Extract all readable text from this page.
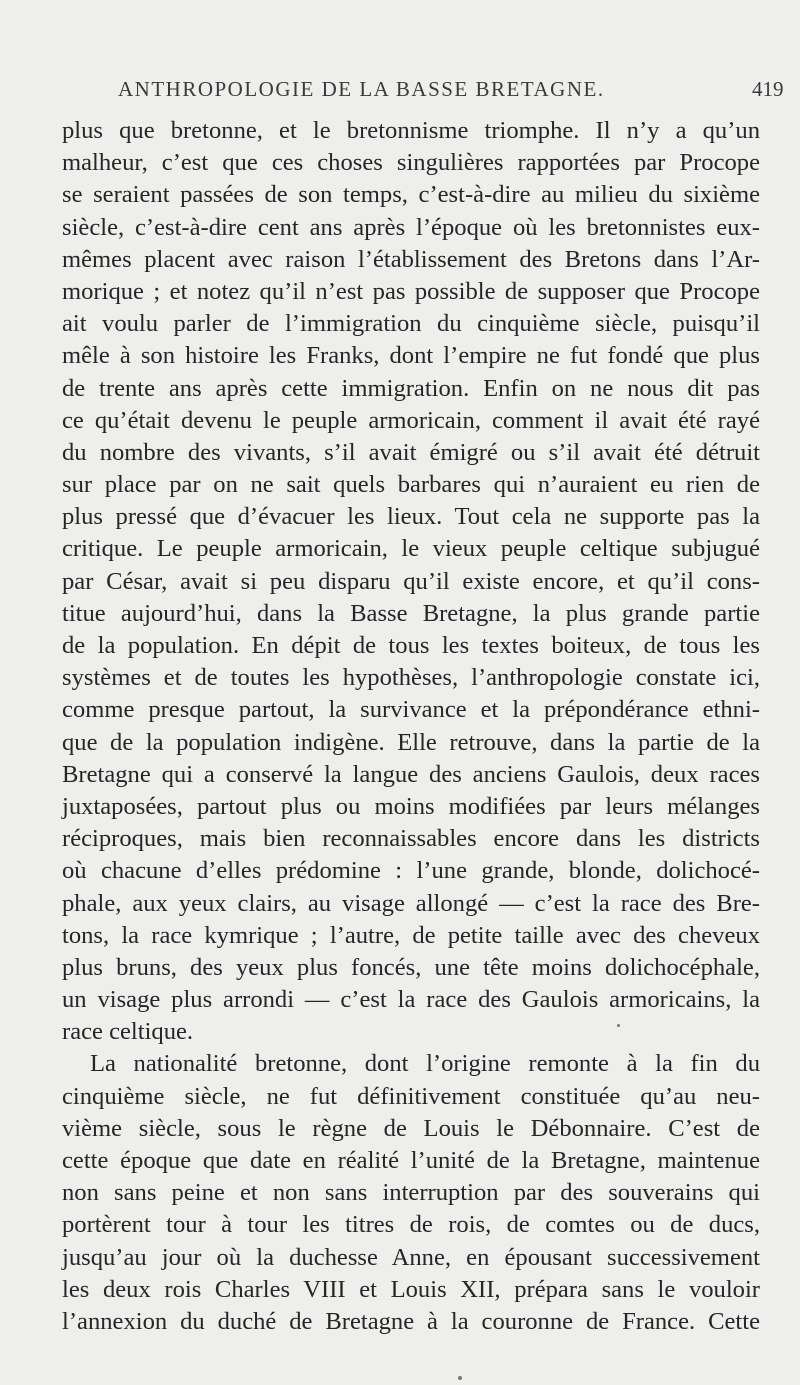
ANTHROPOLOGIE DE LA BASSE BRETAGNE.	419
plus que bretonne, et le bretonnisme triomphe. Il n’y a qu’un
malheur, c’est que ces choses singulières rapportées par Procope
se seraient passées de son temps, c’est-à-dire au milieu du sixième
siècle, c’est-à-dire cent ans après l’époque où les bretonnistes eux-
mêmes placent avec raison l’établissement des Bretons dans l’Ar-
morique ; et notez qu’il n’est pas possible de supposer que Procope
ait voulu parler de l’immigration du cinquième siècle, puisqu’il
mêle à son histoire les Franks, dont l’empire ne fut fondé que plus
de trente ans après cette immigration. Enfin on ne nous dit pas
ce qu’était devenu le peuple armoricain, comment il avait été rayé
du nombre des vivants, s’il avait émigré ou s’il avait été détruit
sur place par on ne sait quels barbares qui n’auraient eu rien de
plus pressé que d’évacuer les lieux. Tout cela ne supporte pas la
critique. Le peuple armoricain, le vieux peuple celtique subjugué
par César, avait si peu disparu qu’il existe encore, et qu’il cons-
titue aujourd’hui, dans la Basse Bretagne, la plus grande partie
de la population. En dépit de tous les textes boiteux, de tous les
systèmes et de toutes les hypothèses, l’anthropologie constate ici,
comme presque partout, la survivance et la prépondérance ethni-
que de la population indigène. Elle retrouve, dans la partie de la
Bretagne qui a conservé la langue des anciens Gaulois, deux races
juxtaposées, partout plus ou moins modifiées par leurs mélanges
réciproques, mais bien reconnaissables encore dans les districts
où chacune d’elles prédomine : l’une grande, blonde, dolichocé-
phale, aux yeux clairs, au visage allongé — c’est la race des Bre-
tons, la race kymrique ; l’autre, de petite taille avec des cheveux
plus bruns, des yeux plus foncés, une tête moins dolichocéphale,
un visage plus arrondi — c’est la race des Gaulois armoricains, la
race celtique.
La nationalité bretonne, dont l’origine remonte à la fin du
cinquième siècle, ne fut définitivement constituée qu’au neu-
vième siècle, sous le règne de Louis le Débonnaire. C’est de
cette époque que date en réalité l’unité de la Bretagne, maintenue
non sans peine et non sans interruption par des souverains qui
portèrent tour à tour les titres de rois, de comtes ou de ducs,
jusqu’au jour où la duchesse Anne, en épousant successivement
les deux rois Charles VIII et Louis XII, prépara sans le vouloir
l’annexion du duché de Bretagne à la couronne de France. Cette
